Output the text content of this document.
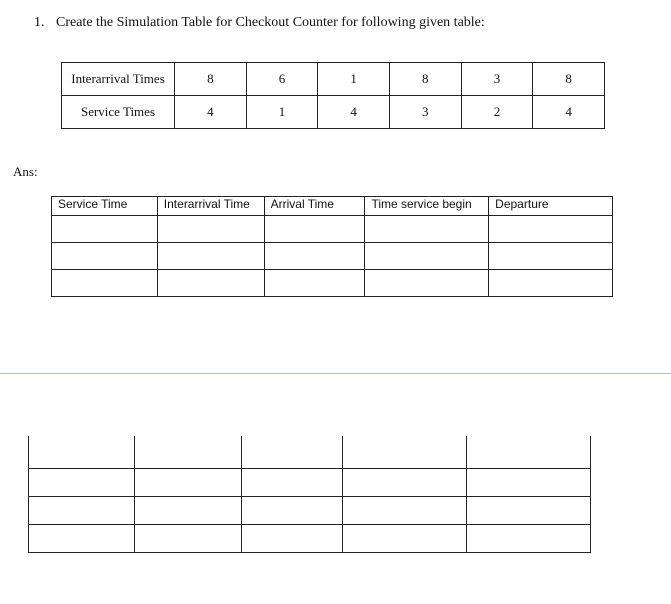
1. Create the Simulation Table for Checkout Counter for following given table:
Interarrival Times	8	6	1	8	3	8
Service Times	4	1	4	3	2	4
Ans:
Service Time	Interarrival Time	Arrival Time	Time service begin	Departure
